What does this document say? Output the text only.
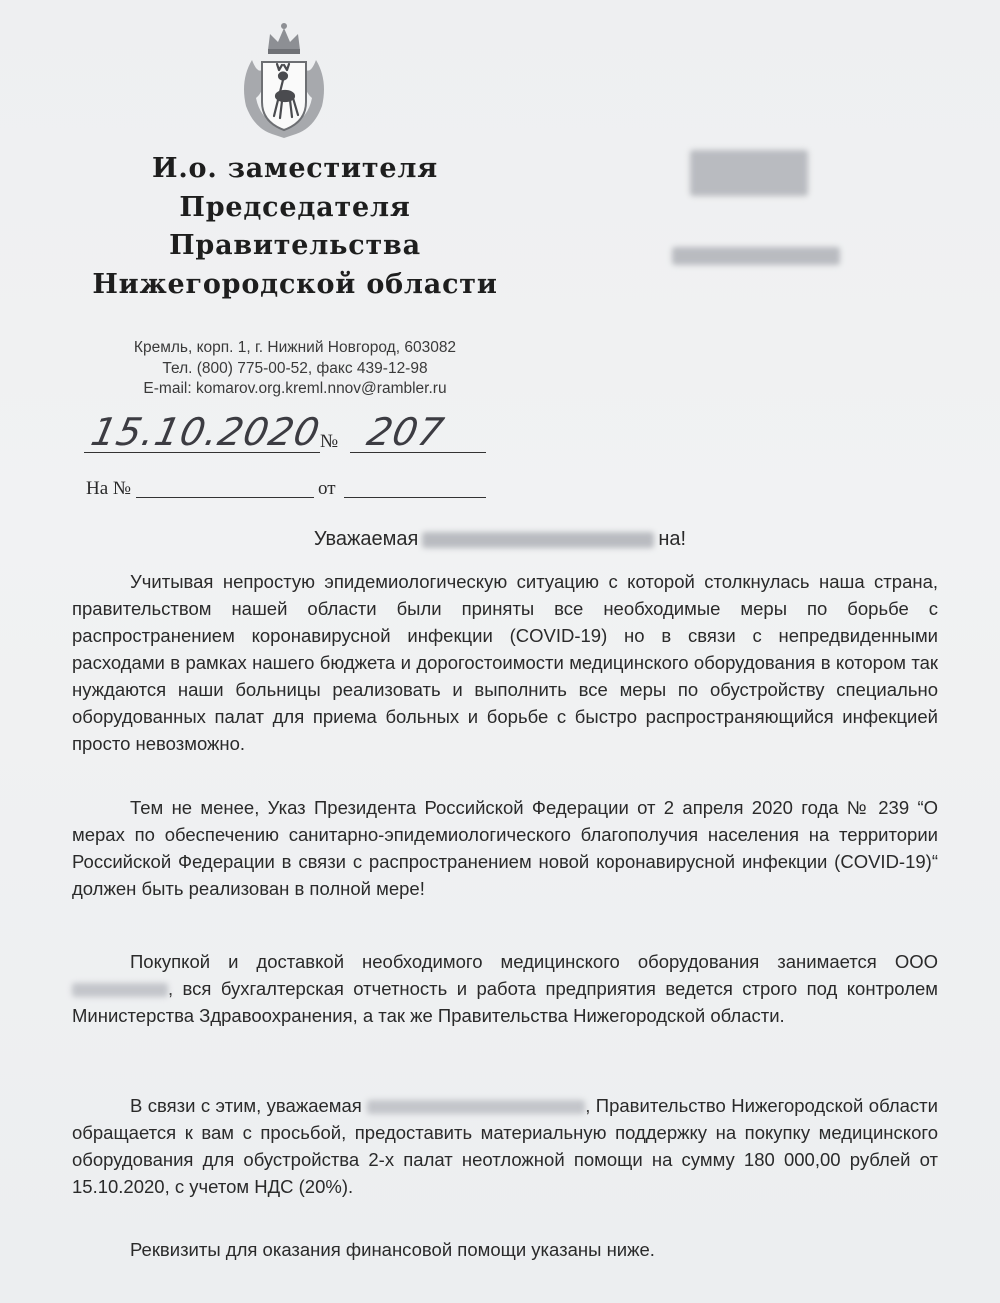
И.о. заместителя
Председателя
Правительства
Нижегородской области
Кремль, корп. 1, г. Нижний Новгород, 603082
Тел. (800) 775-00-52, факс 439-12-98
E-mail: komarov.org.kreml.nnov@rambler.ru
15.10.2020
№ 207
На №	от
Уважаемая	на!
Учитывая непростую эпидемиологическую ситуацию с которой столкнулась наша страна, правительством нашей области были приняты все необходимые меры по борьбе с распространением коронавирусной инфекции (COVID-19) но в связи с непредвиденными расходами в рамках нашего бюджета и дорогостоимости медицинского оборудования в котором так нуждаются наши больницы реализовать и выполнить все меры по обустройству специально оборудованных палат для приема больных и борьбе с быстро распространяющийся инфекцией просто невозможно.
Тем не менее, Указ Президента Российской Федерации от 2 апреля 2020 года № 239 “О мерах по обеспечению санитарно-эпидемиологического благополучия населения на территории Российской Федерации в связи с распространением новой коронавирусной инфекции (COVID-19)“ должен быть реализован в полной мере!
Покупкой и доставкой необходимого медицинского оборудования занимается ООО , вся бухгалтерская отчетность и работа предприятия ведется строго под контролем Министерства Здравоохранения, а так же Правительства Нижегородской области.
В связи с этим, уважаемая	, Правительство Нижегородской области обращается к вам с просьбой, предоставить материальную поддержку на покупку медицинского оборудования для обустройства 2-х палат неотложной помощи на сумму 180 000,00 рублей от 15.10.2020, с учетом НДС (20%).
Реквизиты для оказания финансовой помощи указаны ниже.
